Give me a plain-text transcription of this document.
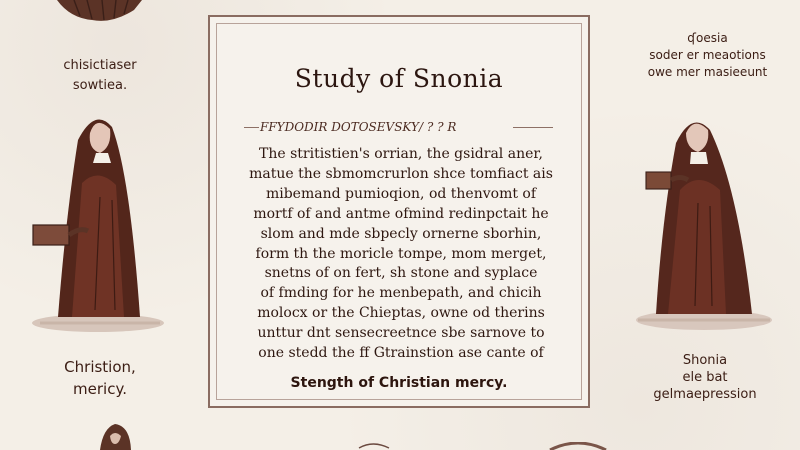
chisictiaser
sowtiea.
Christion,
mericy.
Study of Snonia
FFYDODIR DOTOSEVSKY/ ? ? R
The stritistien's orrian, the gsidral aner,
matue the sbmomcrurlon shce tomfiact ais
mibemand pumioqion, od thenvomt of
mortf of and antme ofmind redinpctait he
slom and mde sbpecly ornerne sborhin,
form th the moricle tompe, mom merget,
snetns of on fert, sh stone and syplace
of fmding for he menbepath, and chicih
molocx or the Chieptas, owne od therins
unttur dnt sensecreetnce sbe sarnove to
one stedd the ff Gtrainstion ase cante of
Stength of Christian mercy.
ʠoesia
soder er meaotions
owe mer masieeunt
Shonia
ele bat
gelmaepression
